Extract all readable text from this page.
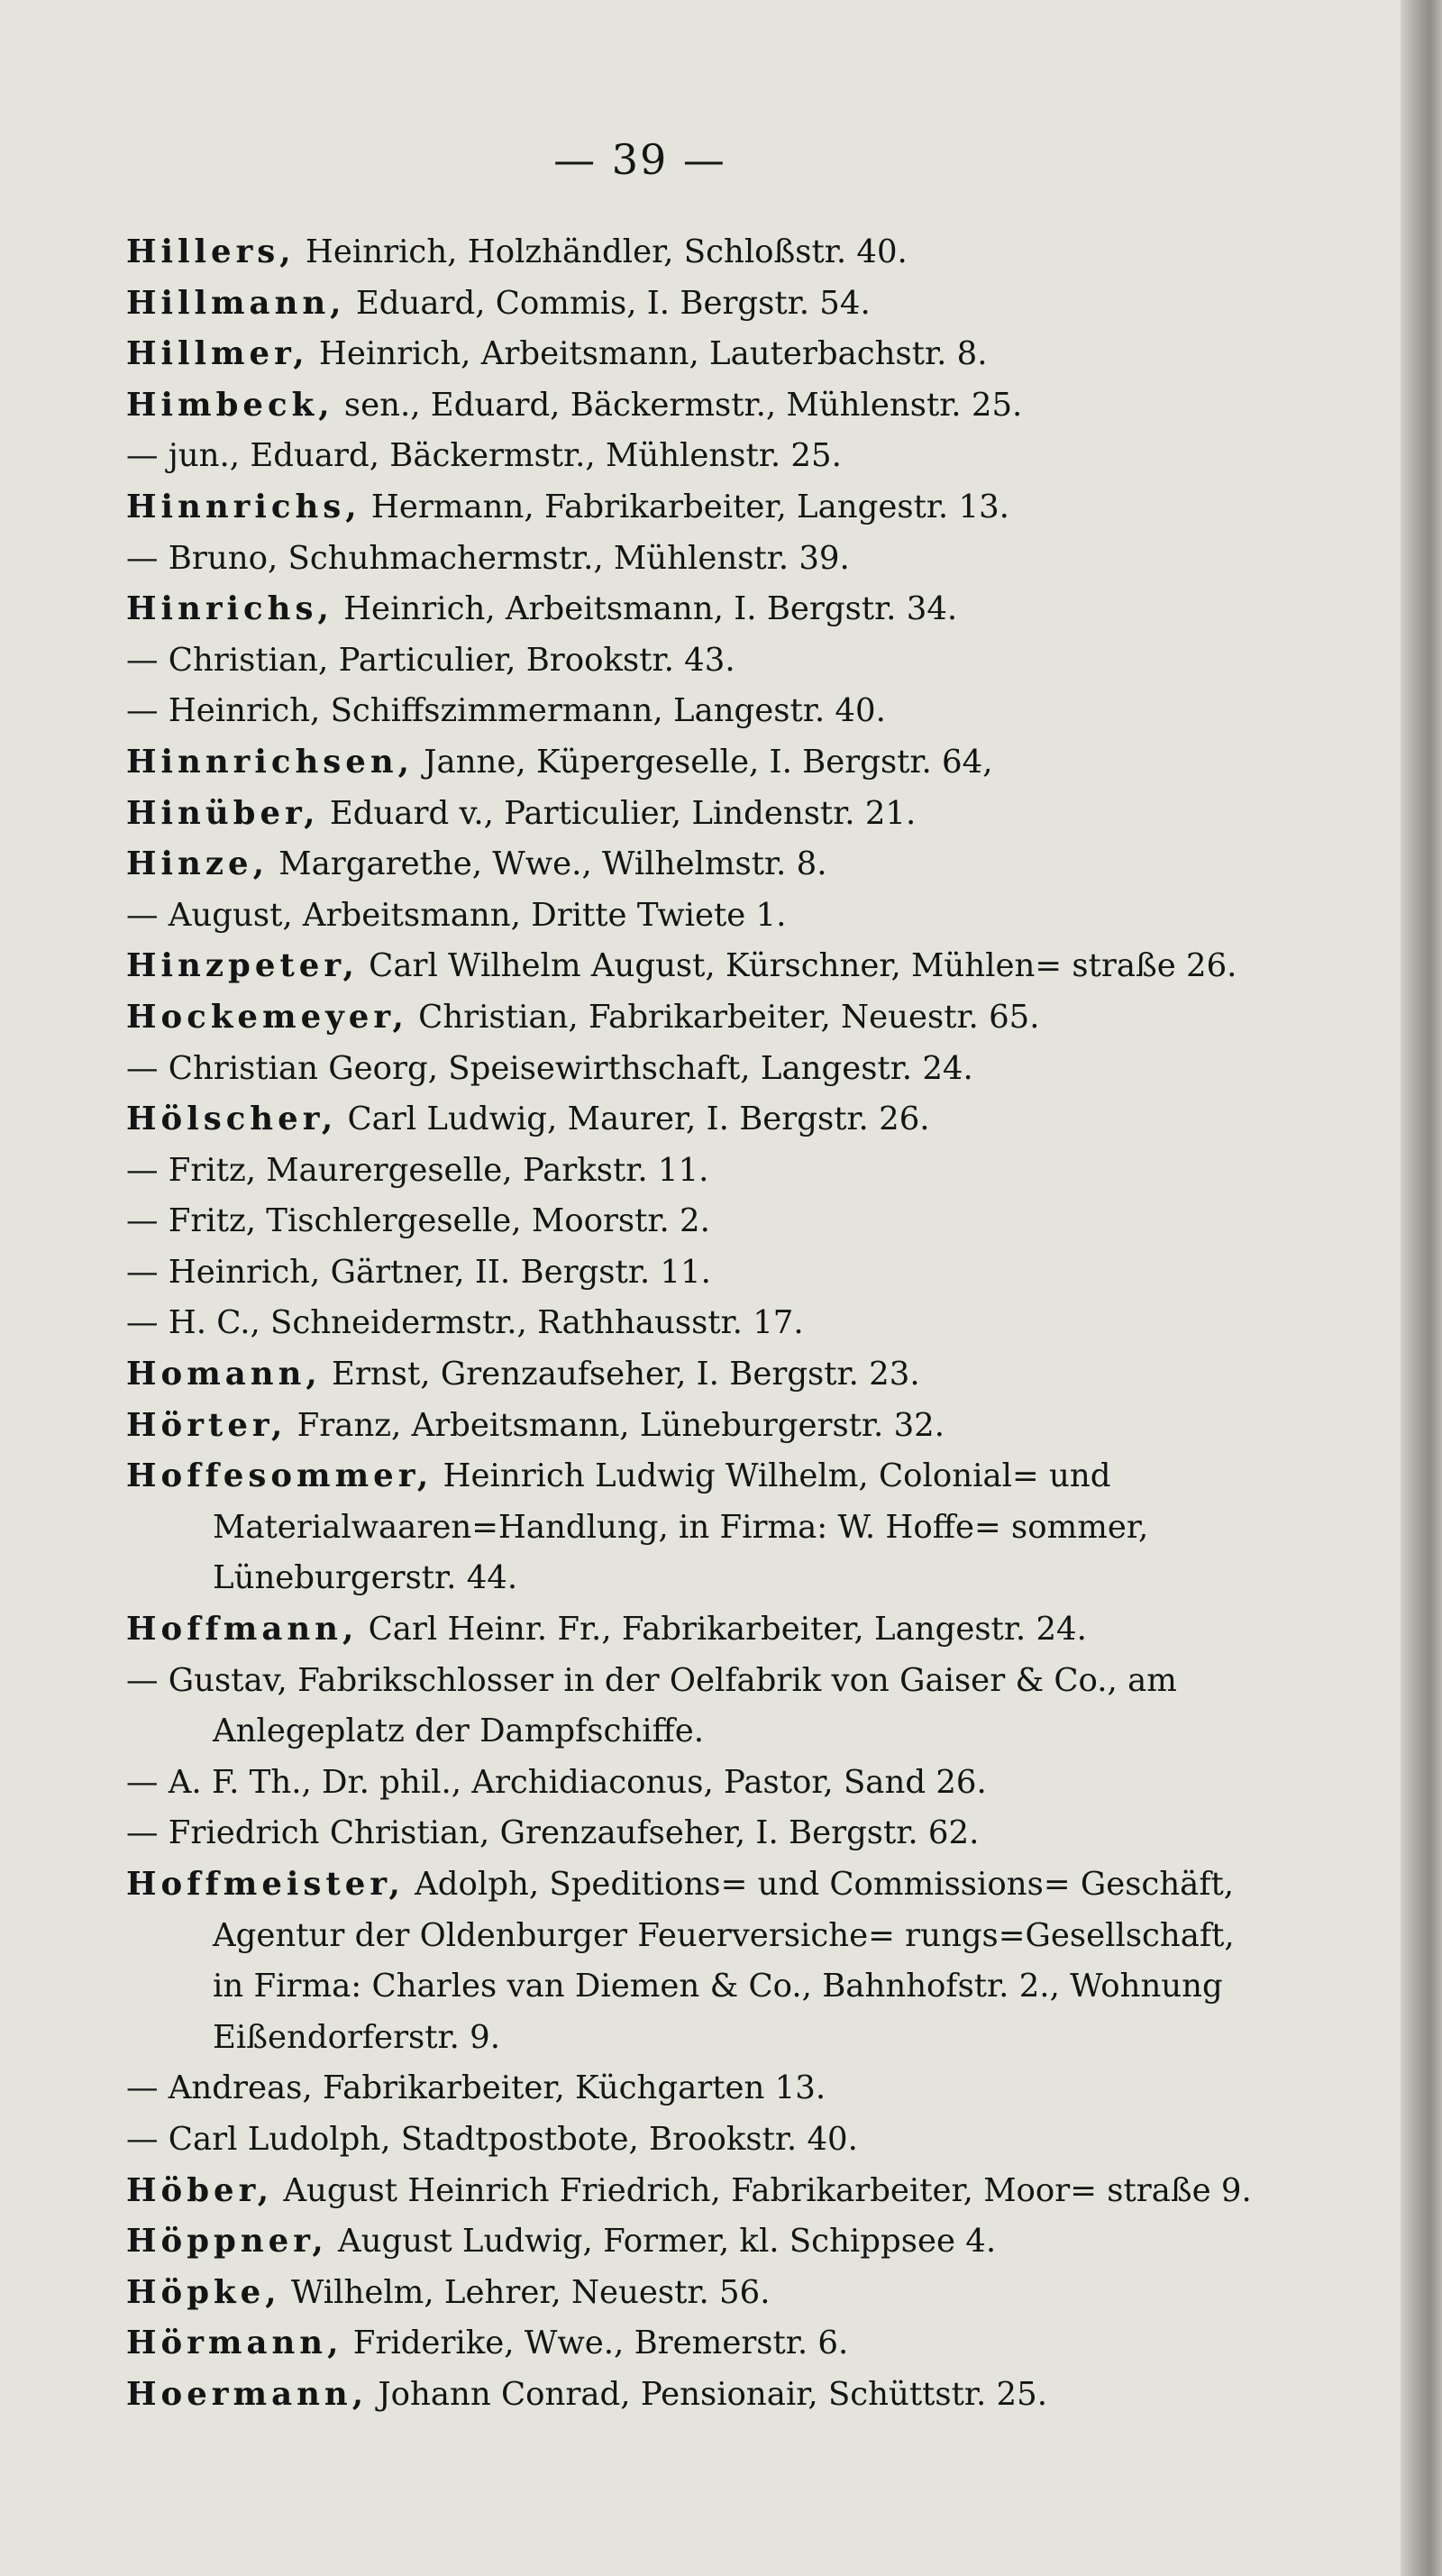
— 39 —
Hillers, Heinrich, Holzhändler, Schloßstr. 40.
Hillmann, Eduard, Commis, I. Bergstr. 54.
Hillmer, Heinrich, Arbeitsmann, Lauterbachstr. 8.
Himbeck, sen., Eduard, Bäckermstr., Mühlenstr. 25.
— jun., Eduard, Bäckermstr., Mühlenstr. 25.
Hinnrichs, Hermann, Fabrikarbeiter, Langestr. 13.
— Bruno, Schuhmachermstr., Mühlenstr. 39.
Hinrichs, Heinrich, Arbeitsmann, I. Bergstr. 34.
— Christian, Particulier, Brookstr. 43.
— Heinrich, Schiffszimmermann, Langestr. 40.
Hinnrichsen, Janne, Küpergeselle, I. Bergstr. 64,
Hinüber, Eduard v., Particulier, Lindenstr. 21.
Hinze, Margarethe, Wwe., Wilhelmstr. 8.
— August, Arbeitsmann, Dritte Twiete 1.
Hinzpeter, Carl Wilhelm August, Kürschner, Mühlen= straße 26.
Hockemeyer, Christian, Fabrikarbeiter, Neuestr. 65.
— Christian Georg, Speisewirthschaft, Langestr. 24.
Hölscher, Carl Ludwig, Maurer, I. Bergstr. 26.
— Fritz, Maurergeselle, Parkstr. 11.
— Fritz, Tischlergeselle, Moorstr. 2.
— Heinrich, Gärtner, II. Bergstr. 11.
— H. C., Schneidermstr., Rathhausstr. 17.
Homann, Ernst, Grenzaufseher, I. Bergstr. 23.
Hörter, Franz, Arbeitsmann, Lüneburgerstr. 32.
Hoffesommer, Heinrich Ludwig Wilhelm, Colonial= und Materialwaaren=Handlung, in Firma: W. Hoffe= sommer, Lüneburgerstr. 44.
Hoffmann, Carl Heinr. Fr., Fabrikarbeiter, Langestr. 24.
— Gustav, Fabrikschlosser in der Oelfabrik von Gaiser & Co., am Anlegeplatz der Dampfschiffe.
— A. F. Th., Dr. phil., Archidiaconus, Pastor, Sand 26.
— Friedrich Christian, Grenzaufseher, I. Bergstr. 62.
Hoffmeister, Adolph, Speditions= und Commissions= Geschäft, Agentur der Oldenburger Feuerversiche= rungs=Gesellschaft, in Firma: Charles van Diemen & Co., Bahnhofstr. 2., Wohnung Eißendorferstr. 9.
— Andreas, Fabrikarbeiter, Küchgarten 13.
— Carl Ludolph, Stadtpostbote, Brookstr. 40.
Höber, August Heinrich Friedrich, Fabrikarbeiter, Moor= straße 9.
Höppner, August Ludwig, Former, kl. Schippsee 4.
Höpke, Wilhelm, Lehrer, Neuestr. 56.
Hörmann, Friderike, Wwe., Bremerstr. 6.
Hoermann, Johann Conrad, Pensionair, Schüttstr. 25.
